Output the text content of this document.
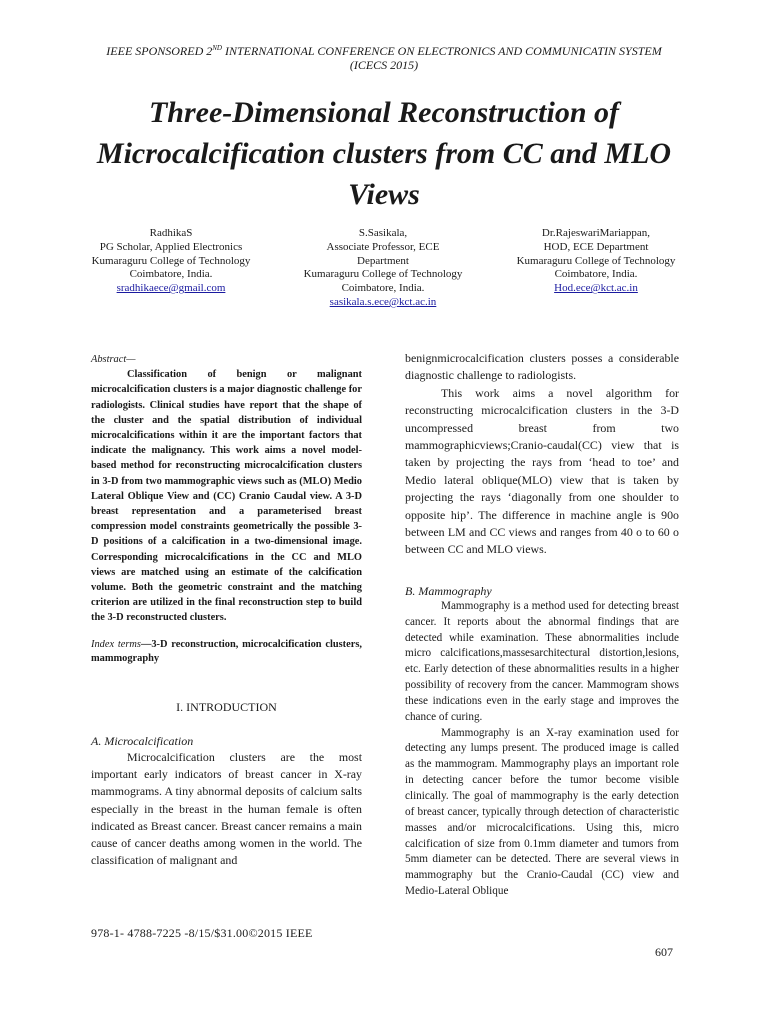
IEEE SPONSORED 2ND INTERNATIONAL CONFERENCE ON ELECTRONICS AND COMMUNICATIN SYSTEM
(ICECS 2015)
Three-Dimensional Reconstruction of
Microcalcification clusters from CC and MLO
Views
RadhikaS
PG Scholar, Applied Electronics
Kumaraguru College of Technology
Coimbatore, India.
sradhikaece@gmail.com
S.Sasikala,
Associate Professor, ECE
Department
Kumaraguru College of Technology
Coimbatore, India.
sasikala.s.ece@kct.ac.in
Dr.RajeswariMariappan,
HOD, ECE Department
Kumaraguru College of Technology
Coimbatore, India.
Hod.ece@kct.ac.in

Abstract—
Classification of benign or malignant microcalcification clusters is a major diagnostic challenge for radiologists. Clinical studies have report that the shape of the cluster and the spatial distribution of individual microcalcifications within it are the important factors that indicate the malignancy. This work aims a novel model-based method for reconstructing microcalcification clusters in 3-D from two mammographic views such as (MLO) Medio Lateral Oblique View and (CC) Cranio Caudal view. A 3-D breast representation and a parameterised breast compression model constraints geometrically the possible 3-D positions of a calcification in a two-dimensional image. Corresponding microcalcifications in the CC and MLO views are matched using an estimate of the calcification volume. Both the geometric constraint and the matching criterion are utilized in the final reconstruction step to build the 3-D reconstructed clusters.

Index terms—3-D reconstruction, microcalcification clusters, mammography

I. INTRODUCTION
A. Microcalcification

Microcalcification clusters are the most important early indicators of breast cancer in X-ray mammograms. A tiny abnormal deposits of calcium salts especially in the breast in the human female is often indicated as Breast cancer. Breast cancer remains a main cause of cancer deaths among women in the world. The classification of malignant and

benignmicrocalcification clusters posses a considerable diagnostic challenge to radiologists.
This work aims a novel algorithm for reconstructing microcalcification clusters in the 3-D uncompressed breast from two mammographicviews;Cranio-caudal(CC) view that is taken by projecting the rays from ‘head to toe’ and Medio lateral oblique(MLO) view that is taken by projecting the rays ‘diagonally from one shoulder to opposite hip’. The difference in machine angle is 90o between LM and CC views and ranges from 40 o to 60 o between CC and MLO views.

B. Mammography

Mammography is a method used for detecting breast cancer. It reports about the abnormal findings that are detected while examination. These abnormalities include micro calcifications,massesarchitectural distortion,lesions, etc. Early detection of these abnormalities results in a higher possibility of recovery from the cancer. Mammogram shows these indications even in the early stage and improves the chance of curing.

Mammography is an X-ray examination used for detecting any lumps present. The produced image is called as the mammogram. Mammography plays an important role in detecting cancer before the tumor become visible clinically. The goal of mammography is the early detection of breast cancer, typically through detection of characteristic masses and/or microcalcifications. Using this, micro calcification of size from 0.1mm diameter and tumors from 5mm diameter can be detected. There are several views in mammography but the Cranio-Caudal (CC) view and Medio-Lateral Oblique

978-1- 4788-7225 -8/15/$31.00©2015 IEEE
607
